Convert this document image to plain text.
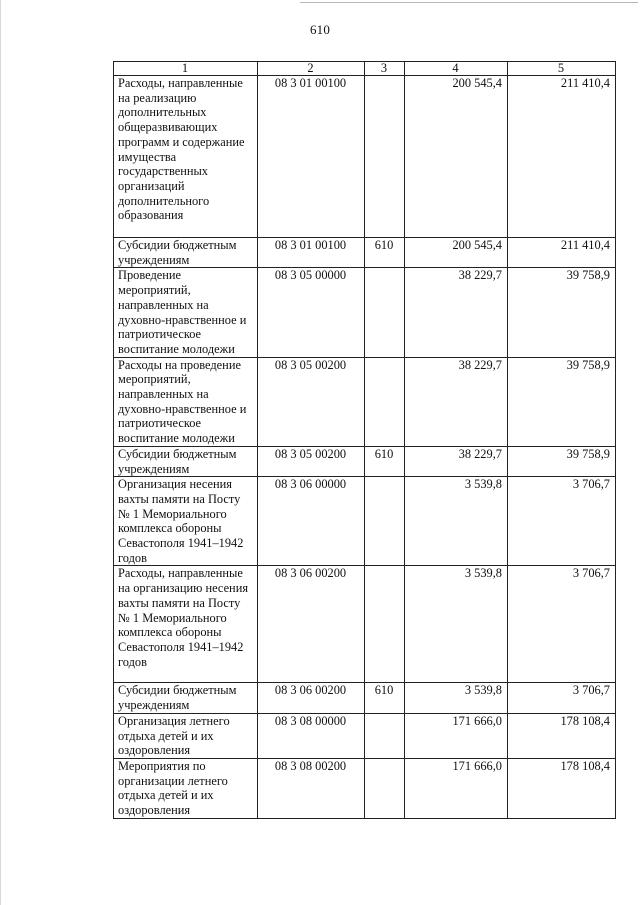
610
1	2	3	4	5
Расходы, направленные на реализацию дополнительных общеразвивающих программ и содержание имущества государственных организаций дополнительного образования	08 3 01 00100		200 545,4	211 410,4
Субсидии бюджетным учреждениям	08 3 01 00100	610	200 545,4	211 410,4
Проведение мероприятий, направленных на духовно-нравственное и патриотическое воспитание молодежи	08 3 05 00000		38 229,7	39 758,9
Расходы на проведение мероприятий, направленных на духовно-нравственное и патриотическое воспитание молодежи	08 3 05 00200		38 229,7	39 758,9
Субсидии бюджетным учреждениям	08 3 05 00200	610	38 229,7	39 758,9
Организация несения вахты памяти на Посту № 1 Мемориального комплекса обороны Севастополя 1941–1942 годов	08 3 06 00000		3 539,8	3 706,7
Расходы, направленные на организацию несения вахты памяти на Посту № 1 Мемориального комплекса обороны Севастополя 1941–1942 годов	08 3 06 00200		3 539,8	3 706,7
Субсидии бюджетным учреждениям	08 3 06 00200	610	3 539,8	3 706,7
Организация летнего отдыха детей и их оздоровления	08 3 08 00000		171 666,0	178 108,4
Мероприятия по организации летнего отдыха детей и их оздоровления	08 3 08 00200		171 666,0	178 108,4
